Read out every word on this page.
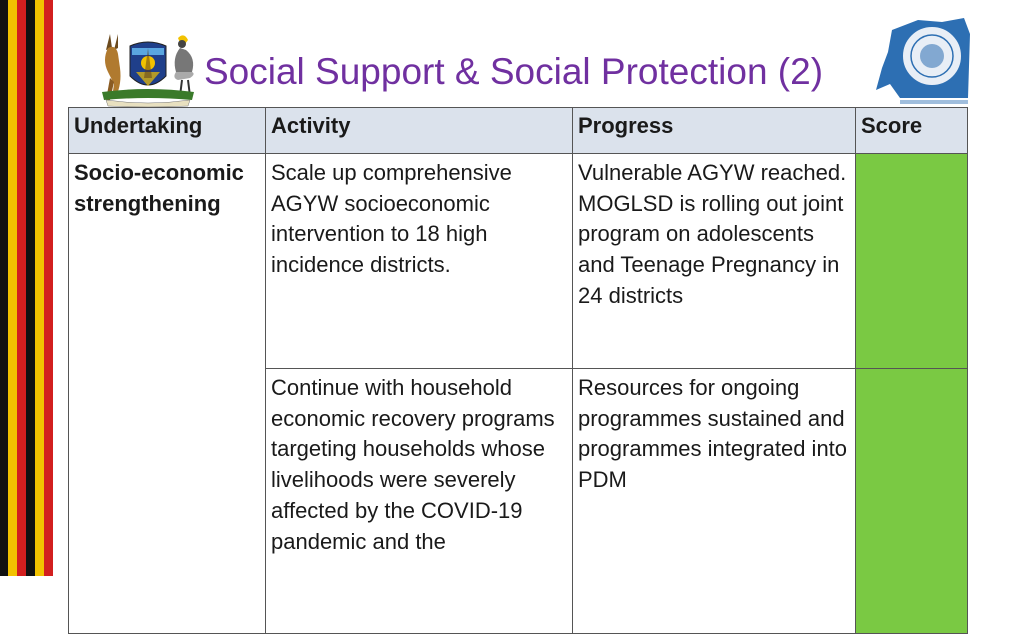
Social Support & Social Protection (2)
Undertaking	Activity	Progress	Score
Socio-economic strengthening	Scale up comprehensive AGYW socioeconomic intervention to 18 high incidence districts.	Vulnerable AGYW reached. MOGLSD is rolling out joint program on adolescents and Teenage Pregnancy in 24 districts	
	Continue with household economic recovery programs targeting households whose livelihoods were severely affected by the COVID-19 pandemic and the	Resources for ongoing programmes sustained and programmes integrated into PDM	
